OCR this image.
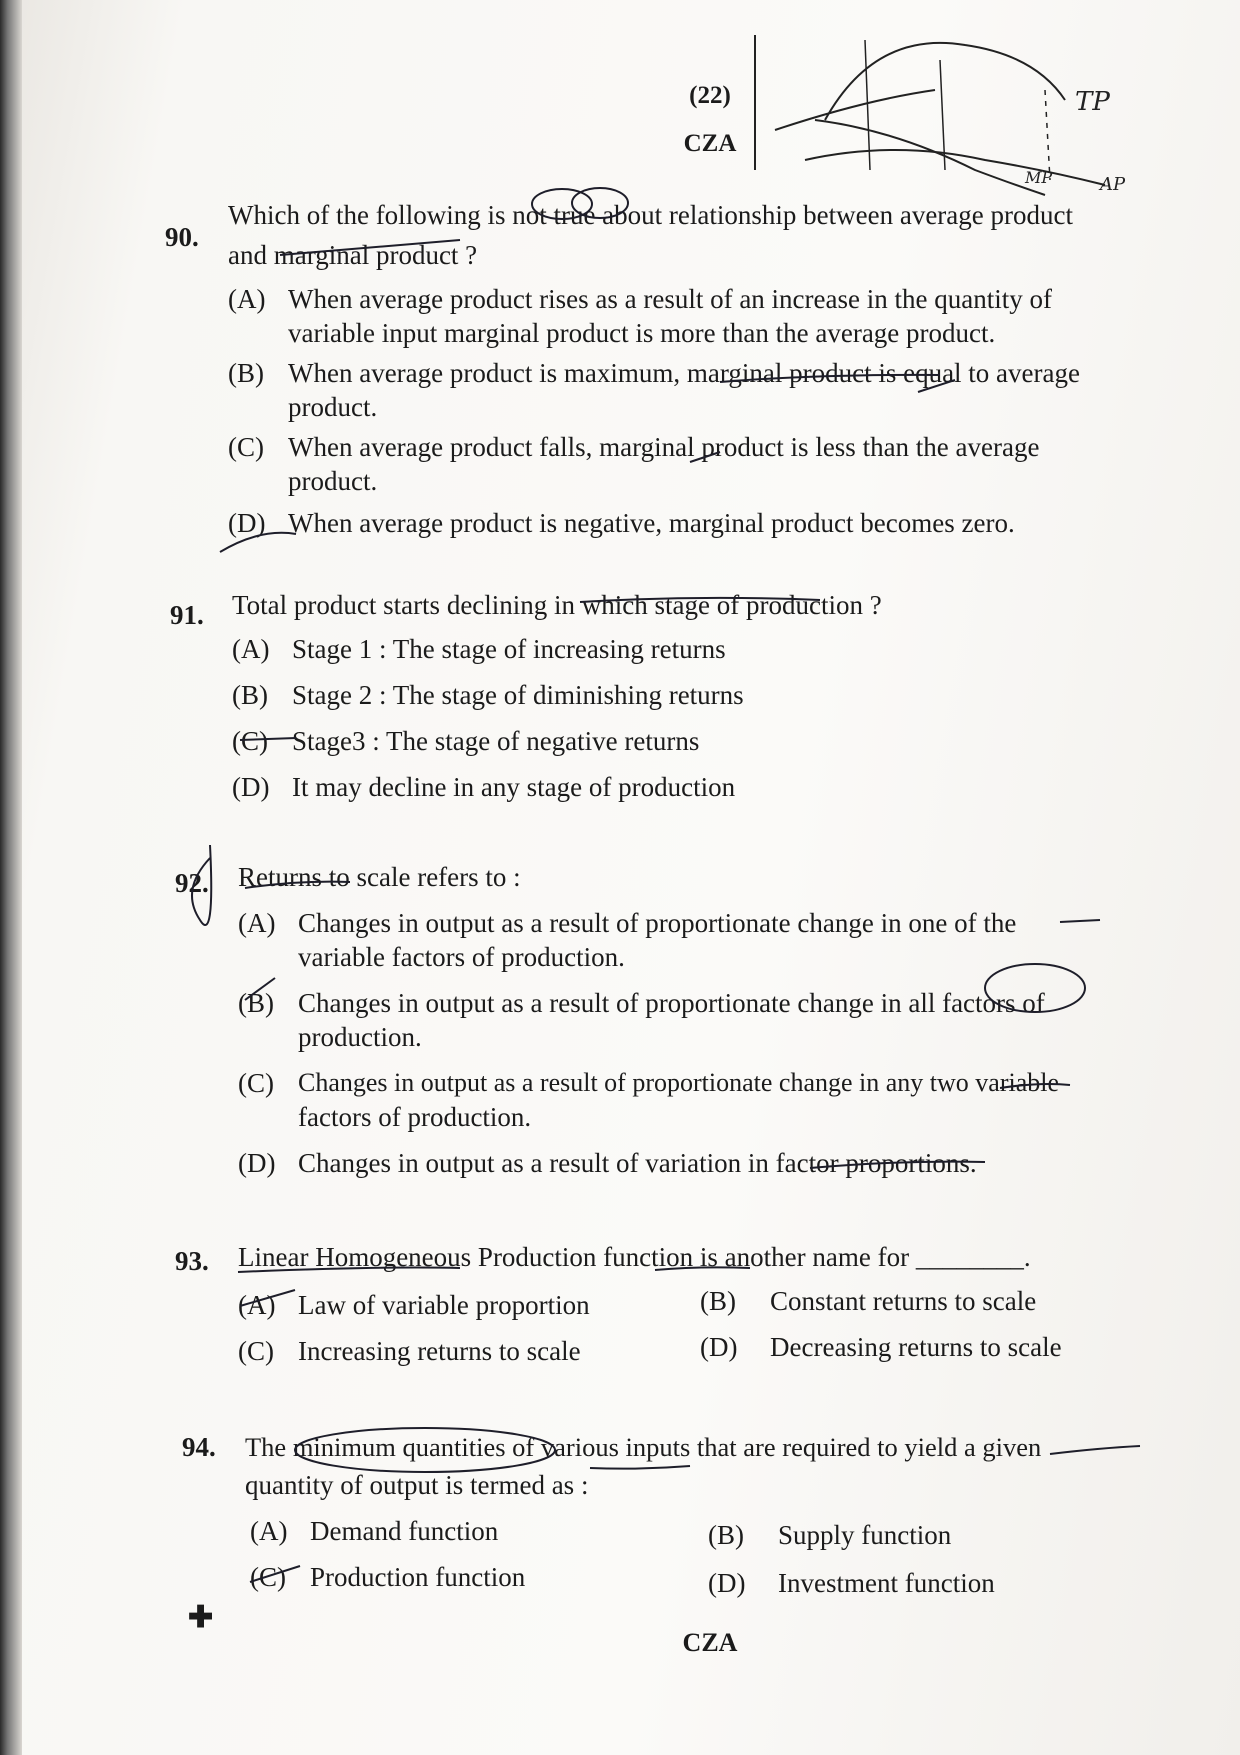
(22)
CZA
TP
AP
MP
90.
Which of the following is not true about relationship between average product
and marginal product ?
(A) When average product rises as a result of an increase in the quantity of
variable input marginal product is more than the average product.
(B) When average product is maximum, marginal product is equal to average
product.
(C) When average product falls, marginal product is less than the average
product.
(D) When average product is negative, marginal product becomes zero.
91. Total product starts declining in which stage of production ?
(A) Stage 1 : The stage of increasing returns
(B) Stage 2 : The stage of diminishing returns
(C) Stage3 : The stage of negative returns
(D) It may decline in any stage of production
92. Returns to scale refers to :
(A) Changes in output as a result of proportionate change in one of the
variable factors of production.
(B) Changes in output as a result of proportionate change in all factors of
production.
(C) Changes in output as a result of proportionate change in any two variable
factors of production.
(D) Changes in output as a result of variation in factor proportions.
93. Linear Homogeneous Production function is another name for ________.
(A) Law of variable proportion	(B) Constant returns to scale
(C) Increasing returns to scale	(D) Decreasing returns to scale
94. The minimum quantities of various inputs that are required to yield a given
quantity of output is termed as :
(A) Demand function	(B) Supply function
(C) Production function	(D) Investment function
✚
CZA
